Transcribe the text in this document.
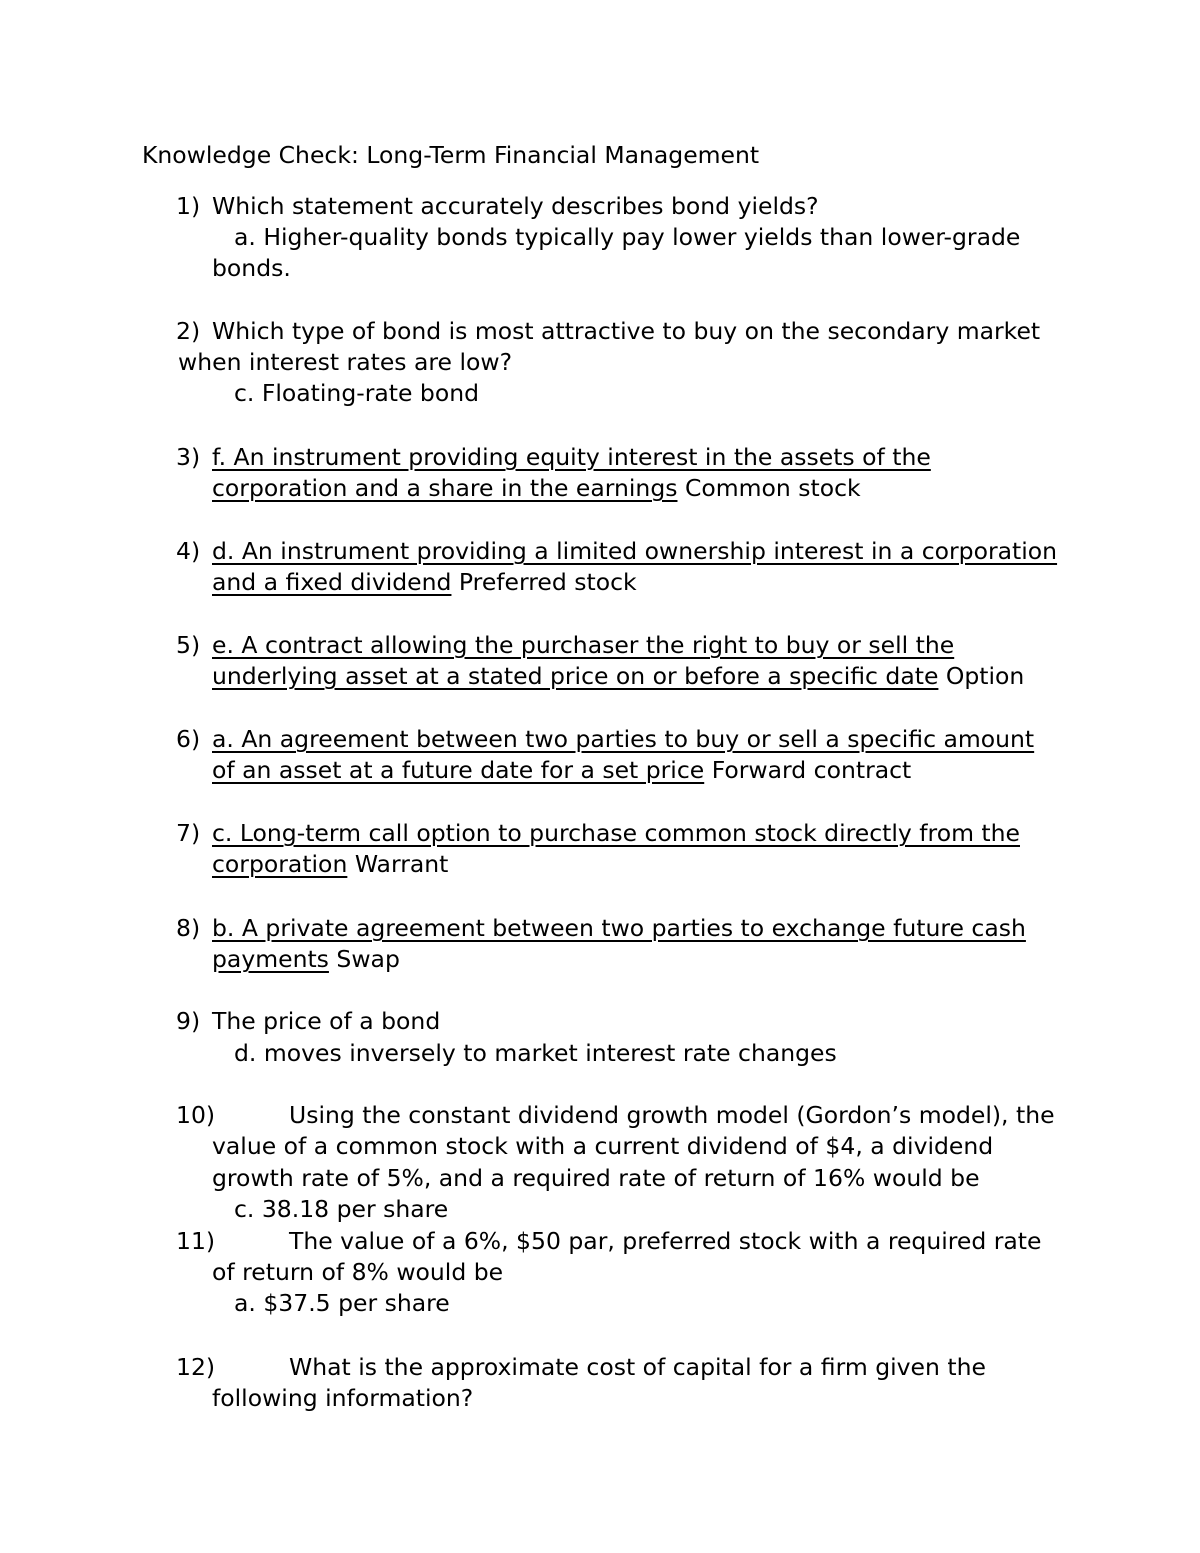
Knowledge Check: Long-Term Financial Management
1) Which statement accurately describes bond yields?
a. Higher-quality bonds typically pay lower yields than lower-grade
bonds.
2) Which type of bond is most attractive to buy on the secondary market
when interest rates are low?
c. Floating-rate bond
3) f. An instrument providing equity interest in the assets of the
corporation and a share in the earnings Common stock
4) d. An instrument providing a limited ownership interest in a corporation
and a fixed dividend Preferred stock
5) e. A contract allowing the purchaser the right to buy or sell the
underlying asset at a stated price on or before a specific date Option
6) a. An agreement between two parties to buy or sell a specific amount
of an asset at a future date for a set price Forward contract
7) c. Long-term call option to purchase common stock directly from the
corporation Warrant
8) b. A private agreement between two parties to exchange future cash
payments Swap
9) The price of a bond
d. moves inversely to market interest rate changes
10)	Using the constant dividend growth model (Gordon’s model), the
value of a common stock with a current dividend of $4, a dividend
growth rate of 5%, and a required rate of return of 16% would be
c. 38.18 per share
11)	The value of a 6%, $50 par, preferred stock with a required rate
of return of 8% would be
a. $37.5 per share
12)	What is the approximate cost of capital for a firm given the
following information?
